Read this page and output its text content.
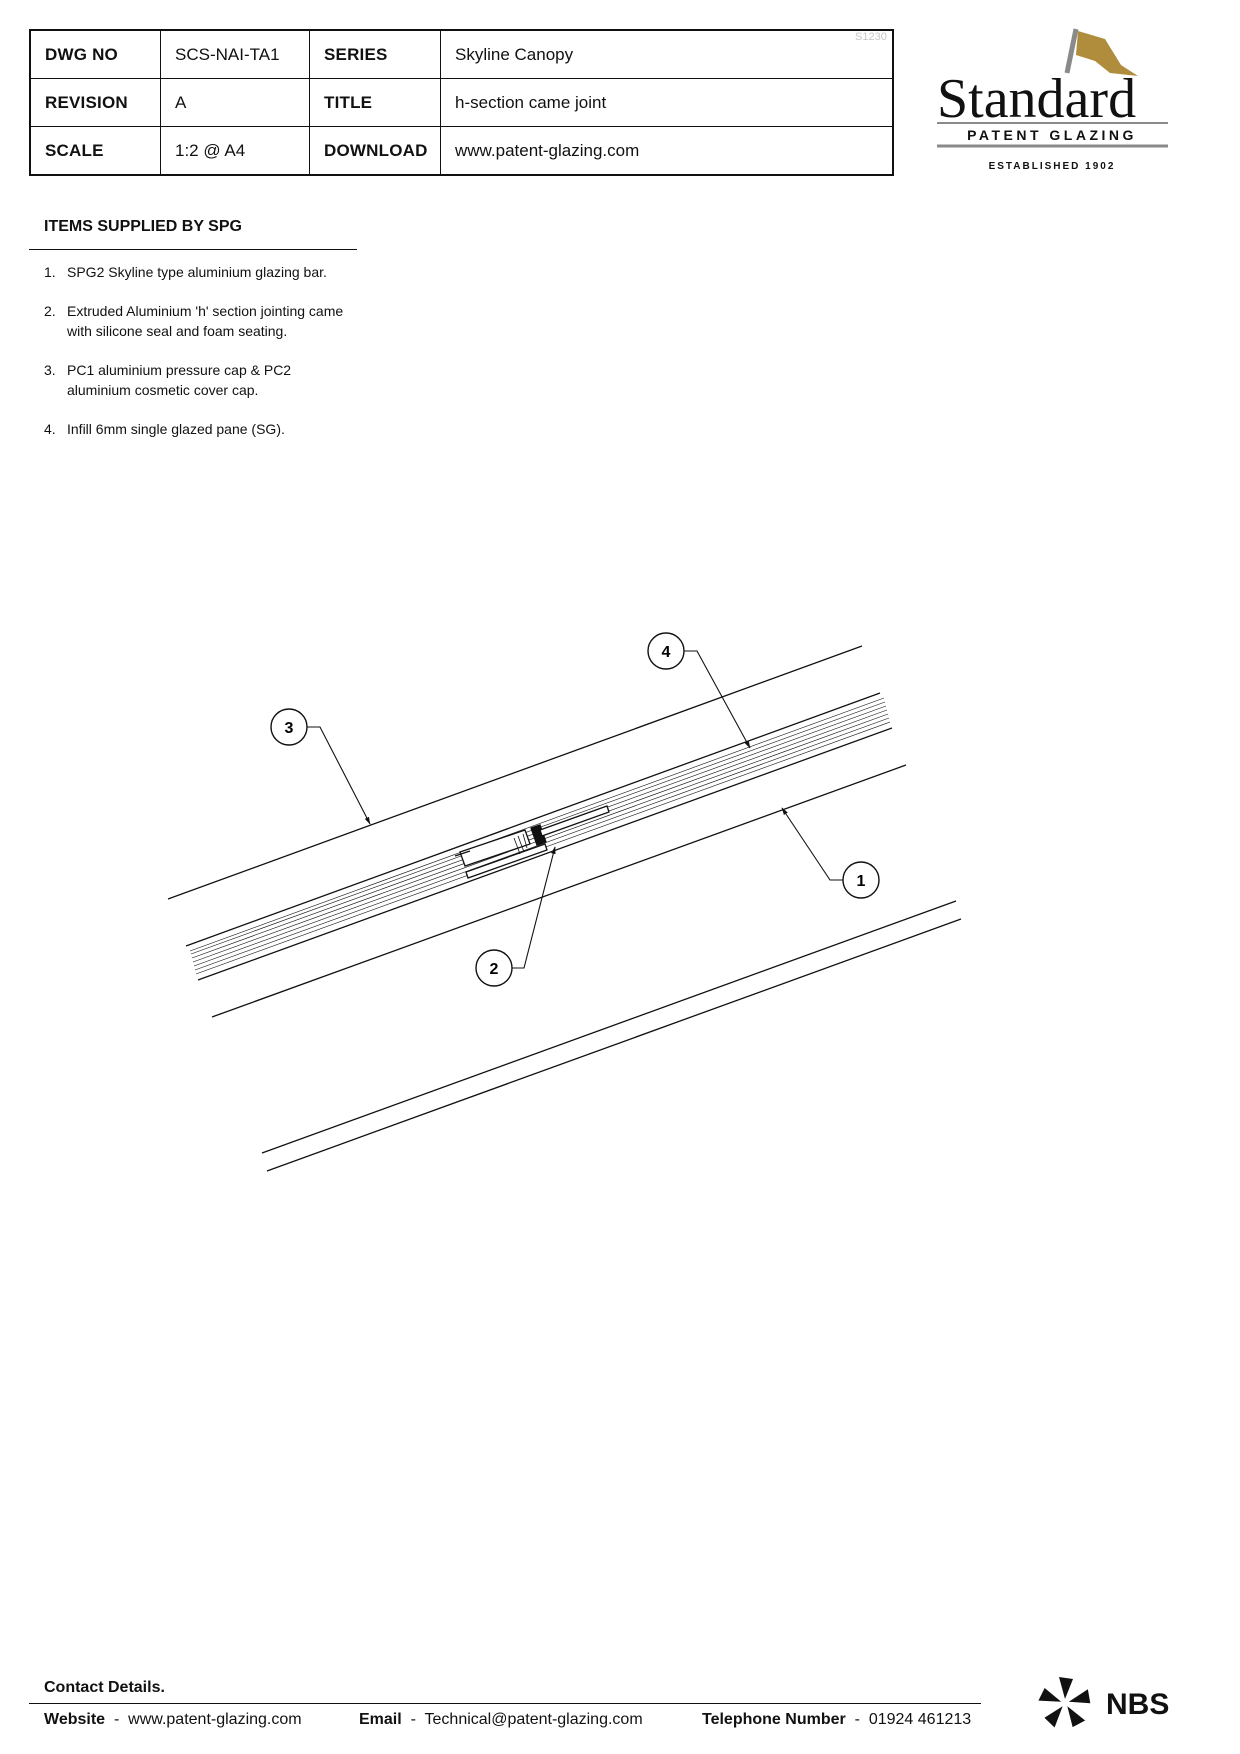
DWG NO	SCS-NAI-TA1	SERIES	Skyline Canopy
REVISION	A	TITLE	h-section came joint
SCALE	1:2 @ A4	DOWNLOAD	www.patent-glazing.com
S1230
Standard
PATENT GLAZING
ESTABLISHED 1902
ITEMS SUPPLIED BY SPG
1. SPG2 Skyline type aluminium glazing bar.
2. Extruded Aluminium 'h' section jointing came
with silicone seal and foam seating.
3. PC1 aluminium pressure cap & PC2
aluminium cosmetic cover cap.
4. Infill 6mm single glazed pane (SG).
3
4
1
2
Contact Details.
Website - www.patent-glazing.com	Email - Technical@patent-glazing.com	Telephone Number - 01924 461213	NBS
